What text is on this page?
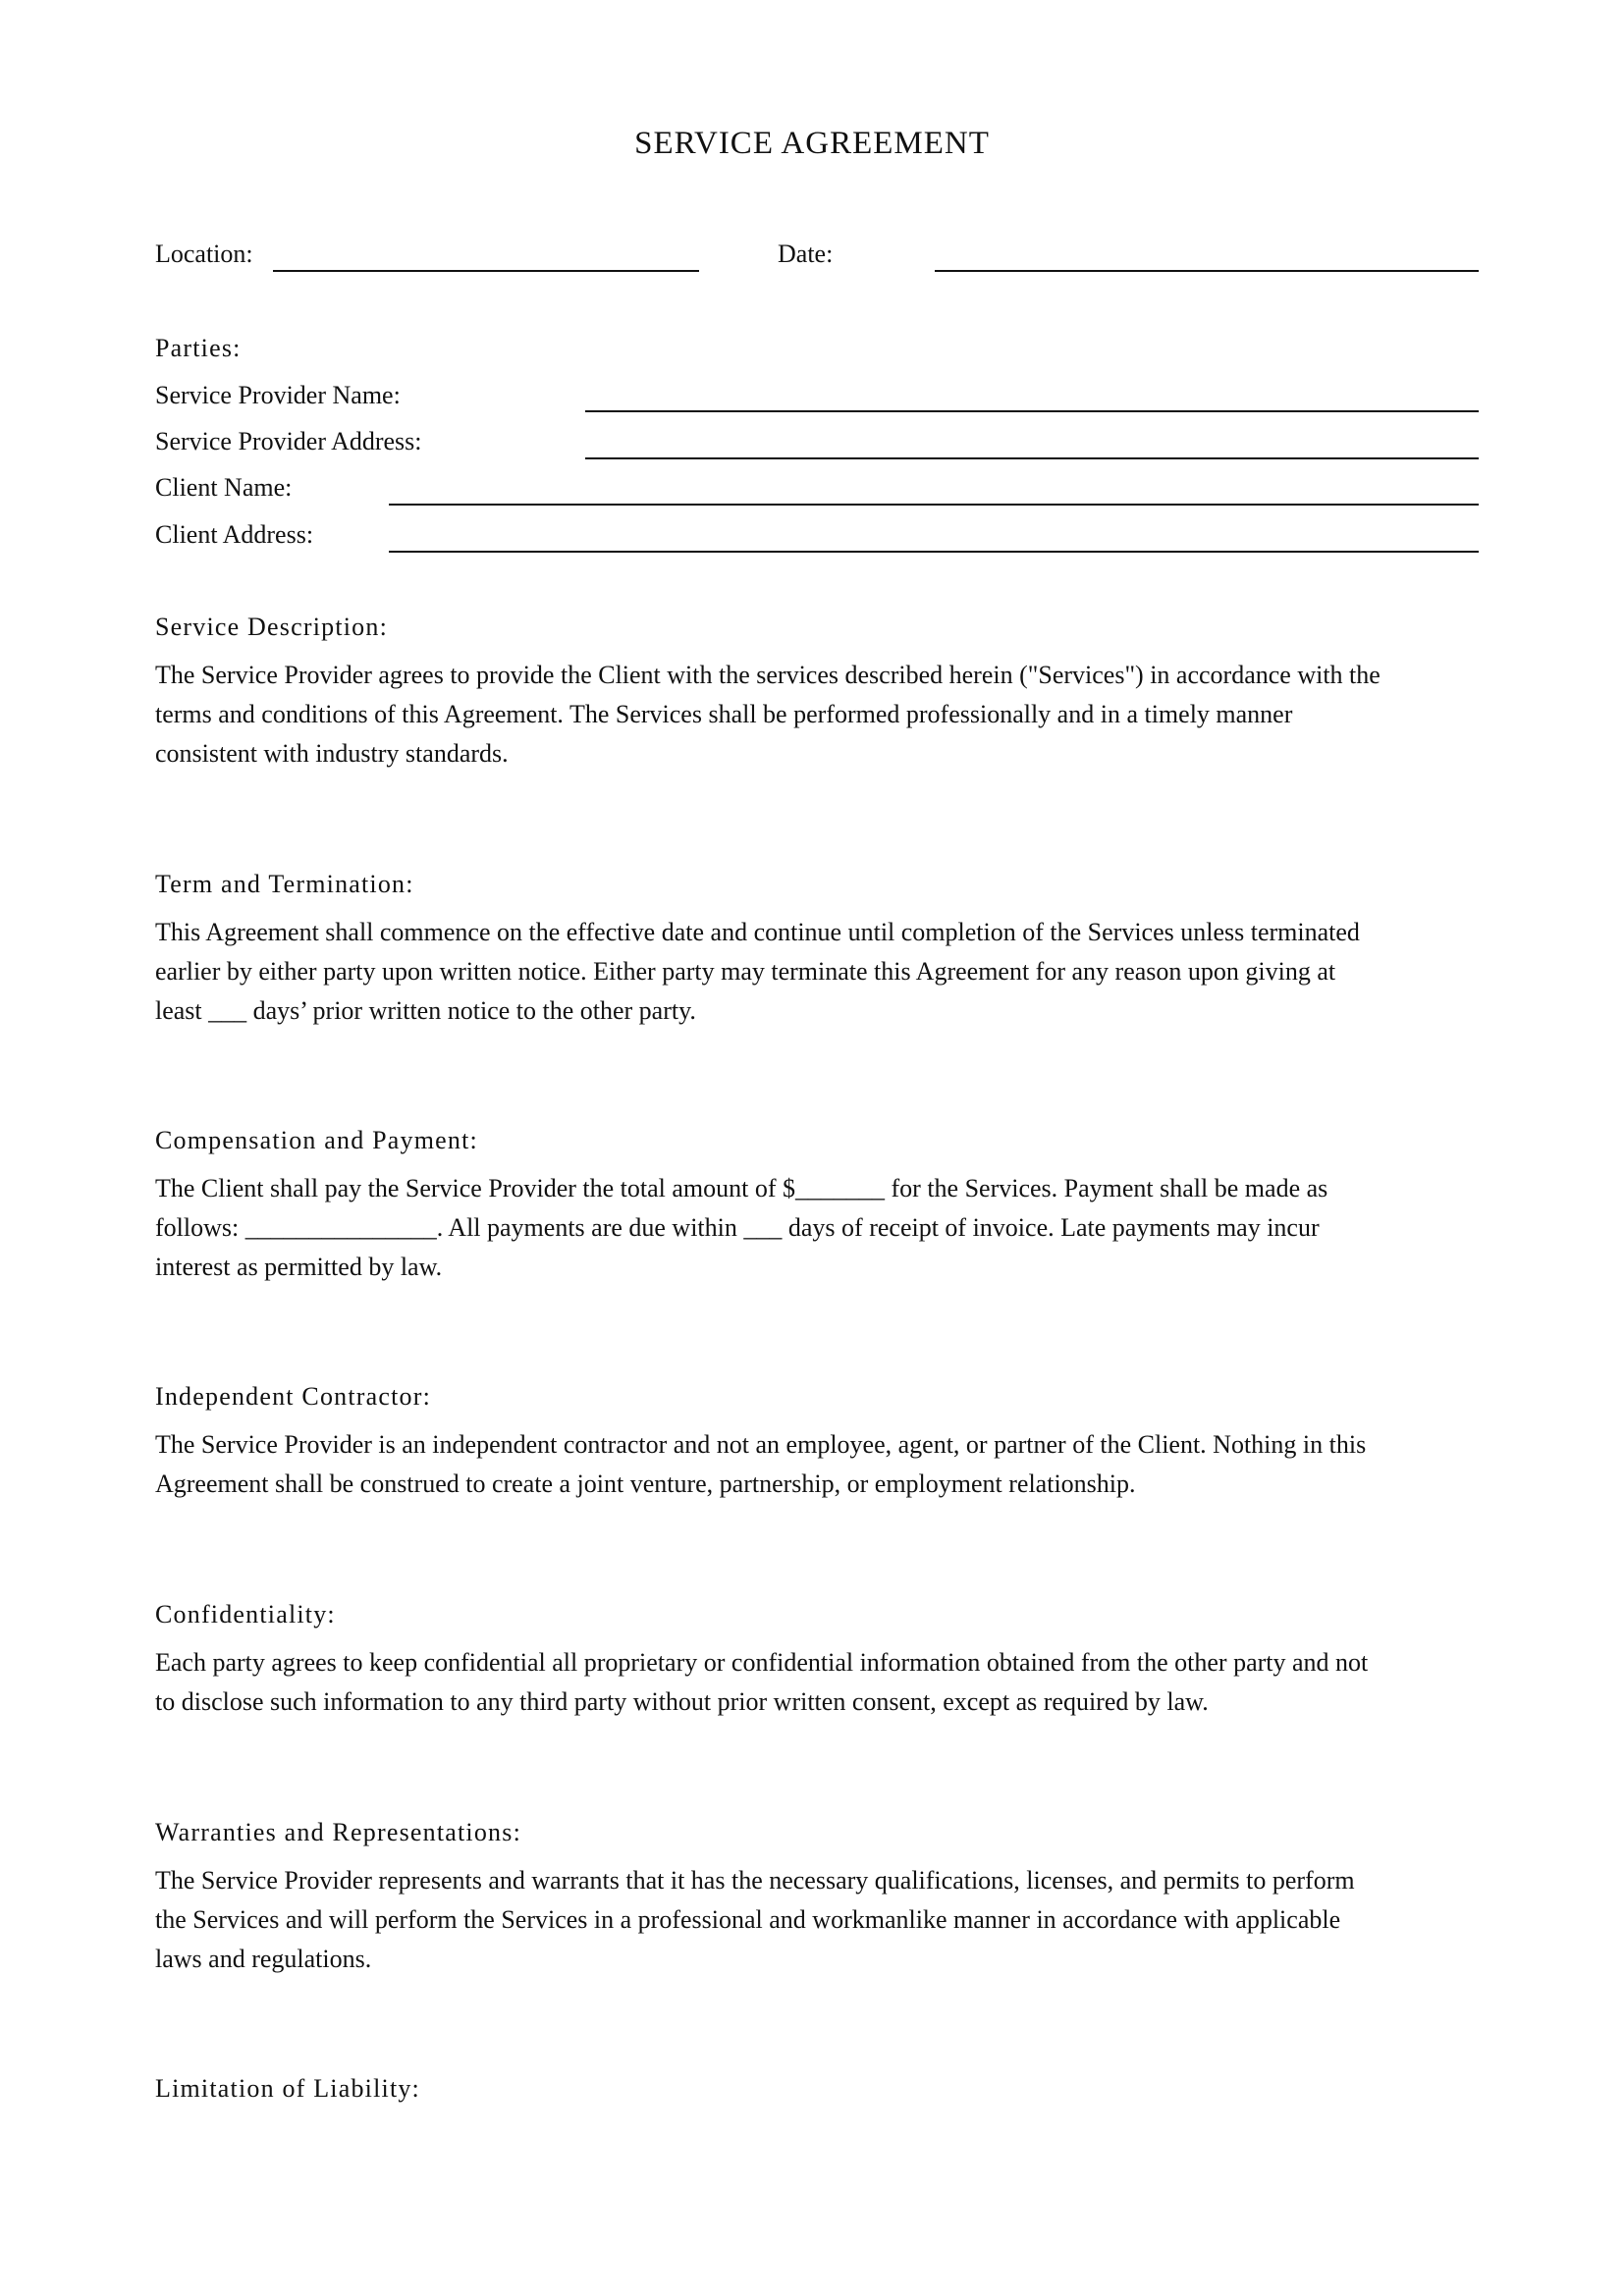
SERVICE AGREEMENT
Location:	Date:
Parties:
Service Provider Name:
Service Provider Address:
Client Name:
Client Address:
Service Description:

The Service Provider agrees to provide the Client with the services described herein ("Services") in accordance with the
terms and conditions of this Agreement. The Services shall be performed professionally and in a timely manner
consistent with industry standards.

Term and Termination:

This Agreement shall commence on the effective date and continue until completion of the Services unless terminated
earlier by either party upon written notice. Either party may terminate this Agreement for any reason upon giving at
least ___ days’ prior written notice to the other party.

Compensation and Payment:

The Client shall pay the Service Provider the total amount of $_______ for the Services. Payment shall be made as
follows: _______________. All payments are due within ___ days of receipt of invoice. Late payments may incur
interest as permitted by law.

Independent Contractor:

The Service Provider is an independent contractor and not an employee, agent, or partner of the Client. Nothing in this
Agreement shall be construed to create a joint venture, partnership, or employment relationship.

Confidentiality:

Each party agrees to keep confidential all proprietary or confidential information obtained from the other party and not
to disclose such information to any third party without prior written consent, except as required by law.

Warranties and Representations:

The Service Provider represents and warrants that it has the necessary qualifications, licenses, and permits to perform
the Services and will perform the Services in a professional and workmanlike manner in accordance with applicable
laws and regulations.

Limitation of Liability:
